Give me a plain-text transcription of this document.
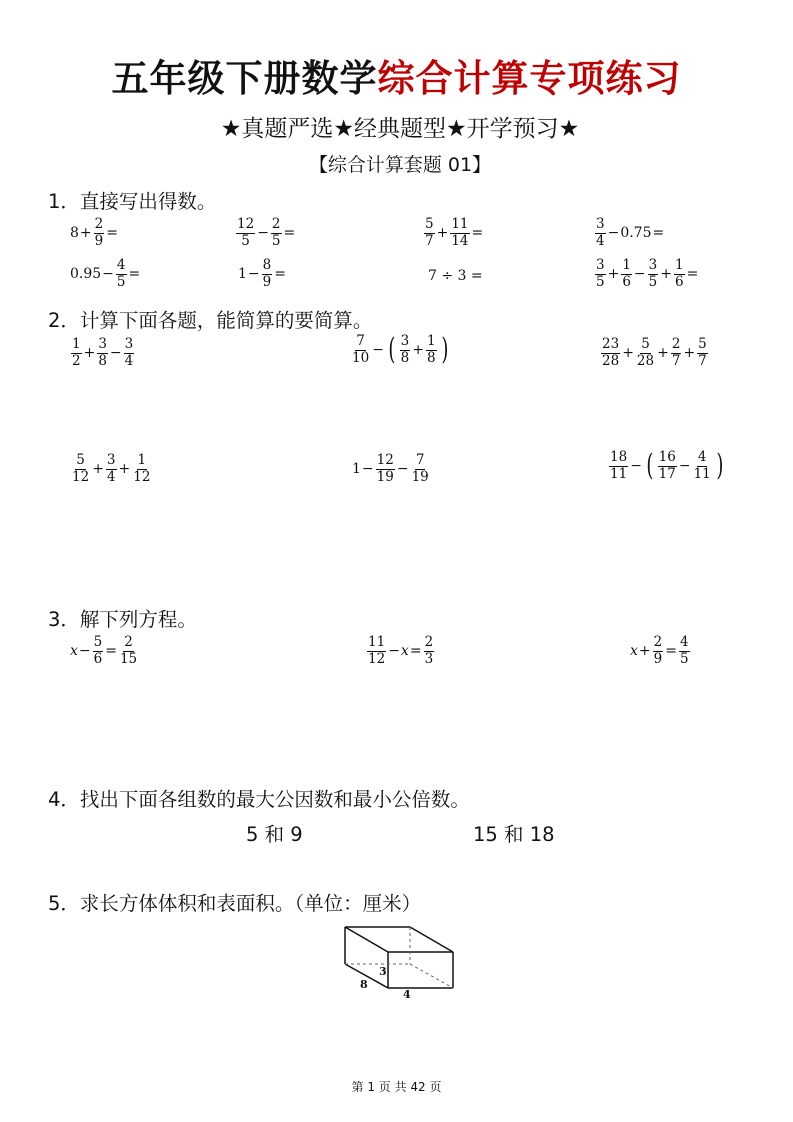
五年级下册数学综合计算专项练习
★真题严选★经典题型★开学预习★
【综合计算套题 01】
1．直接写出得数。
$8 + \frac{2}{9}$ =	$\frac{12}{5} - \frac{2}{5}$ =	$\frac{5}{7} + \frac{11}{14}$ =	$\frac{3}{4} - 0.75$ =
$0.95 - \frac{4}{5}$ =	$1 - \frac{8}{9}$ =	7 ÷ 3 =	$\frac{3}{5} + \frac{1}{6} - \frac{3}{5} + \frac{1}{6}$ =
2．计算下面各题，能简算的要简算。
$\frac{1}{2} + \frac{3}{8} - \frac{3}{4}$	$\frac{7}{10}$ − ( $\frac{3}{8} + \frac{1}{8}$ )	$\frac{23}{28} + \frac{5}{28} + \frac{2}{7} + \frac{5}{7}$
$\frac{5}{12} + \frac{3}{4} + \frac{1}{12}$	$1 - \frac{12}{19} - \frac{7}{19}$	$\frac{18}{11}$ − ( $\frac{16}{17} - \frac{4}{11}$ )
3．解下列方程。
$x - \frac{5}{6} = \frac{2}{15}$	$\frac{11}{12} - x = \frac{2}{3}$	$x + \frac{2}{9} = \frac{4}{5}$
4．找出下面各组数的最大公因数和最小公倍数。
5 和 9	15 和 18
5．求长方体体积和表面积。（单位：厘米）
3
8
4
第 1 页 共 42 页
